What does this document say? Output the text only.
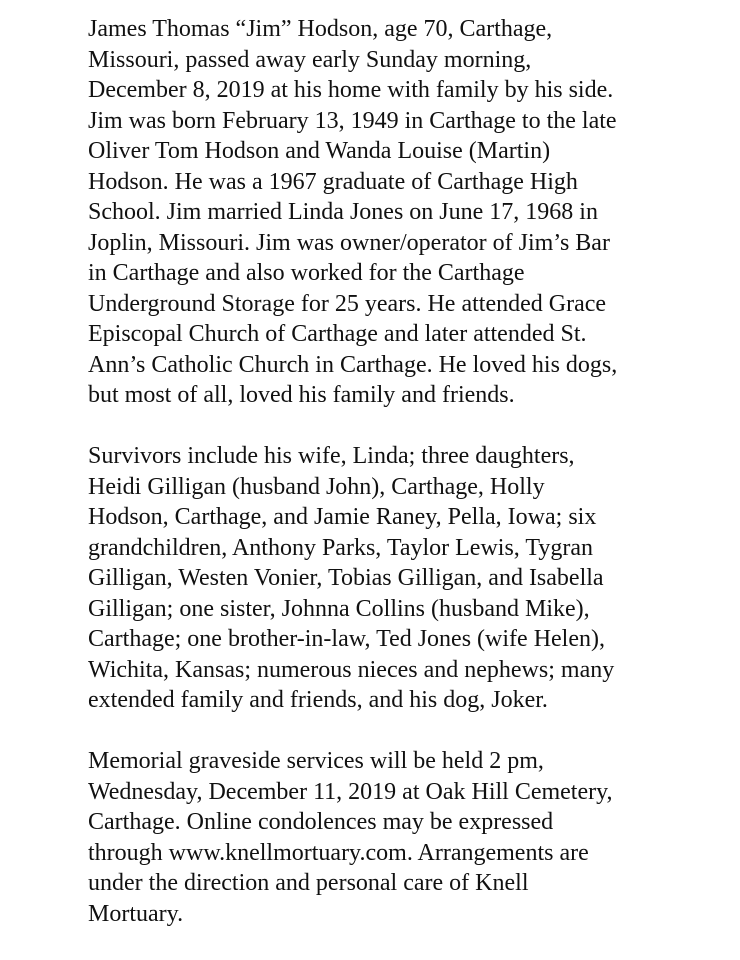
James Thomas “Jim” Hodson, age 70, Carthage,
Missouri, passed away early Sunday morning,
December 8, 2019 at his home with family by his side.
Jim was born February 13, 1949 in Carthage to the late
Oliver Tom Hodson and Wanda Louise (Martin)
Hodson. He was a 1967 graduate of Carthage High
School. Jim married Linda Jones on June 17, 1968 in
Joplin, Missouri. Jim was owner/operator of Jim’s Bar
in Carthage and also worked for the Carthage
Underground Storage for 25 years. He attended Grace
Episcopal Church of Carthage and later attended St.
Ann’s Catholic Church in Carthage. He loved his dogs,
but most of all, loved his family and friends.

Survivors include his wife, Linda; three daughters,
Heidi Gilligan (husband John), Carthage, Holly
Hodson, Carthage, and Jamie Raney, Pella, Iowa; six
grandchildren, Anthony Parks, Taylor Lewis, Tygran
Gilligan, Westen Vonier, Tobias Gilligan, and Isabella
Gilligan; one sister, Johnna Collins (husband Mike),
Carthage; one brother-in-law, Ted Jones (wife Helen),
Wichita, Kansas; numerous nieces and nephews; many
extended family and friends, and his dog, Joker.

Memorial graveside services will be held 2 pm,
Wednesday, December 11, 2019 at Oak Hill Cemetery,
Carthage. Online condolences may be expressed
through www.knellmortuary.com. Arrangements are
under the direction and personal care of Knell
Mortuary.
